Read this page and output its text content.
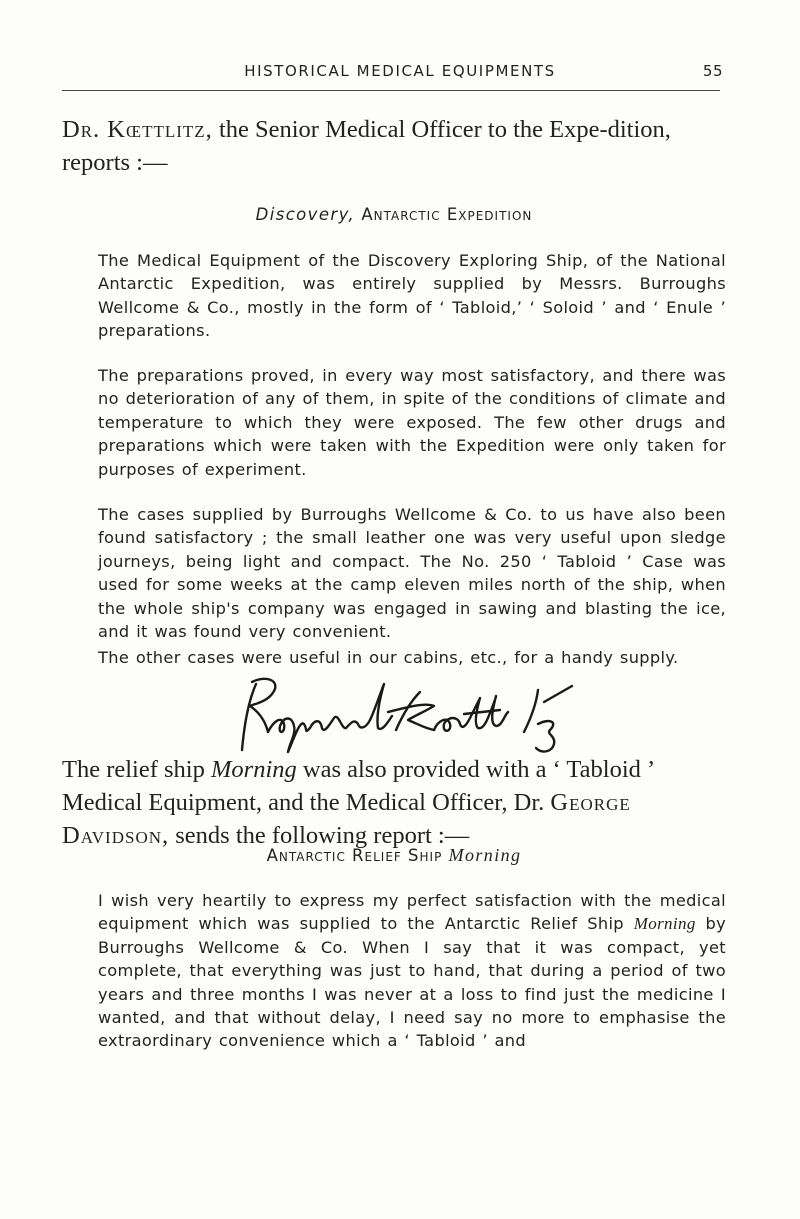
HISTORICAL MEDICAL EQUIPMENTS	55
Dr. Kœttlitz, the Senior Medical Officer to the Expe-dition, reports :—
Discovery, Antarctic Expedition

The Medical Equipment of the Discovery Exploring Ship, of the National Antarctic Expedition, was entirely supplied by Messrs. Burroughs Wellcome & Co., mostly in the form of ‘ Tabloid,’ ‘ Soloid ’ and ‘ Enule ’ preparations.

The preparations proved, in every way most satisfactory, and there was no deterioration of any of them, in spite of the conditions of climate and temperature to which they were exposed. The few other drugs and preparations which were taken with the Expedition were only taken for purposes of experiment.

The cases supplied by Burroughs Wellcome & Co. to us have also been found satisfactory ; the small leather one was very useful upon sledge journeys, being light and compact. The No. 250 ‘ Tabloid ’ Case was used for some weeks at the camp eleven miles north of the ship, when the whole ship's company was engaged in sawing and blasting the ice, and it was found very convenient.

The other cases were useful in our cabins, etc., for a handy supply.

The relief ship Morning was also provided with a ‘ Tabloid ’ Medical Equipment, and the Medical Officer, Dr. George Davidson, sends the following report :—
Antarctic Relief Ship Morning

I wish very heartily to express my perfect satisfaction with the medical equipment which was supplied to the Antarctic Relief Ship Morning by Burroughs Wellcome & Co. When I say that it was compact, yet complete, that everything was just to hand, that during a period of two years and three months I was never at a loss to find just the medicine I wanted, and that without delay, I need say no more to emphasise the extraordinary convenience which a ‘ Tabloid ’ and
